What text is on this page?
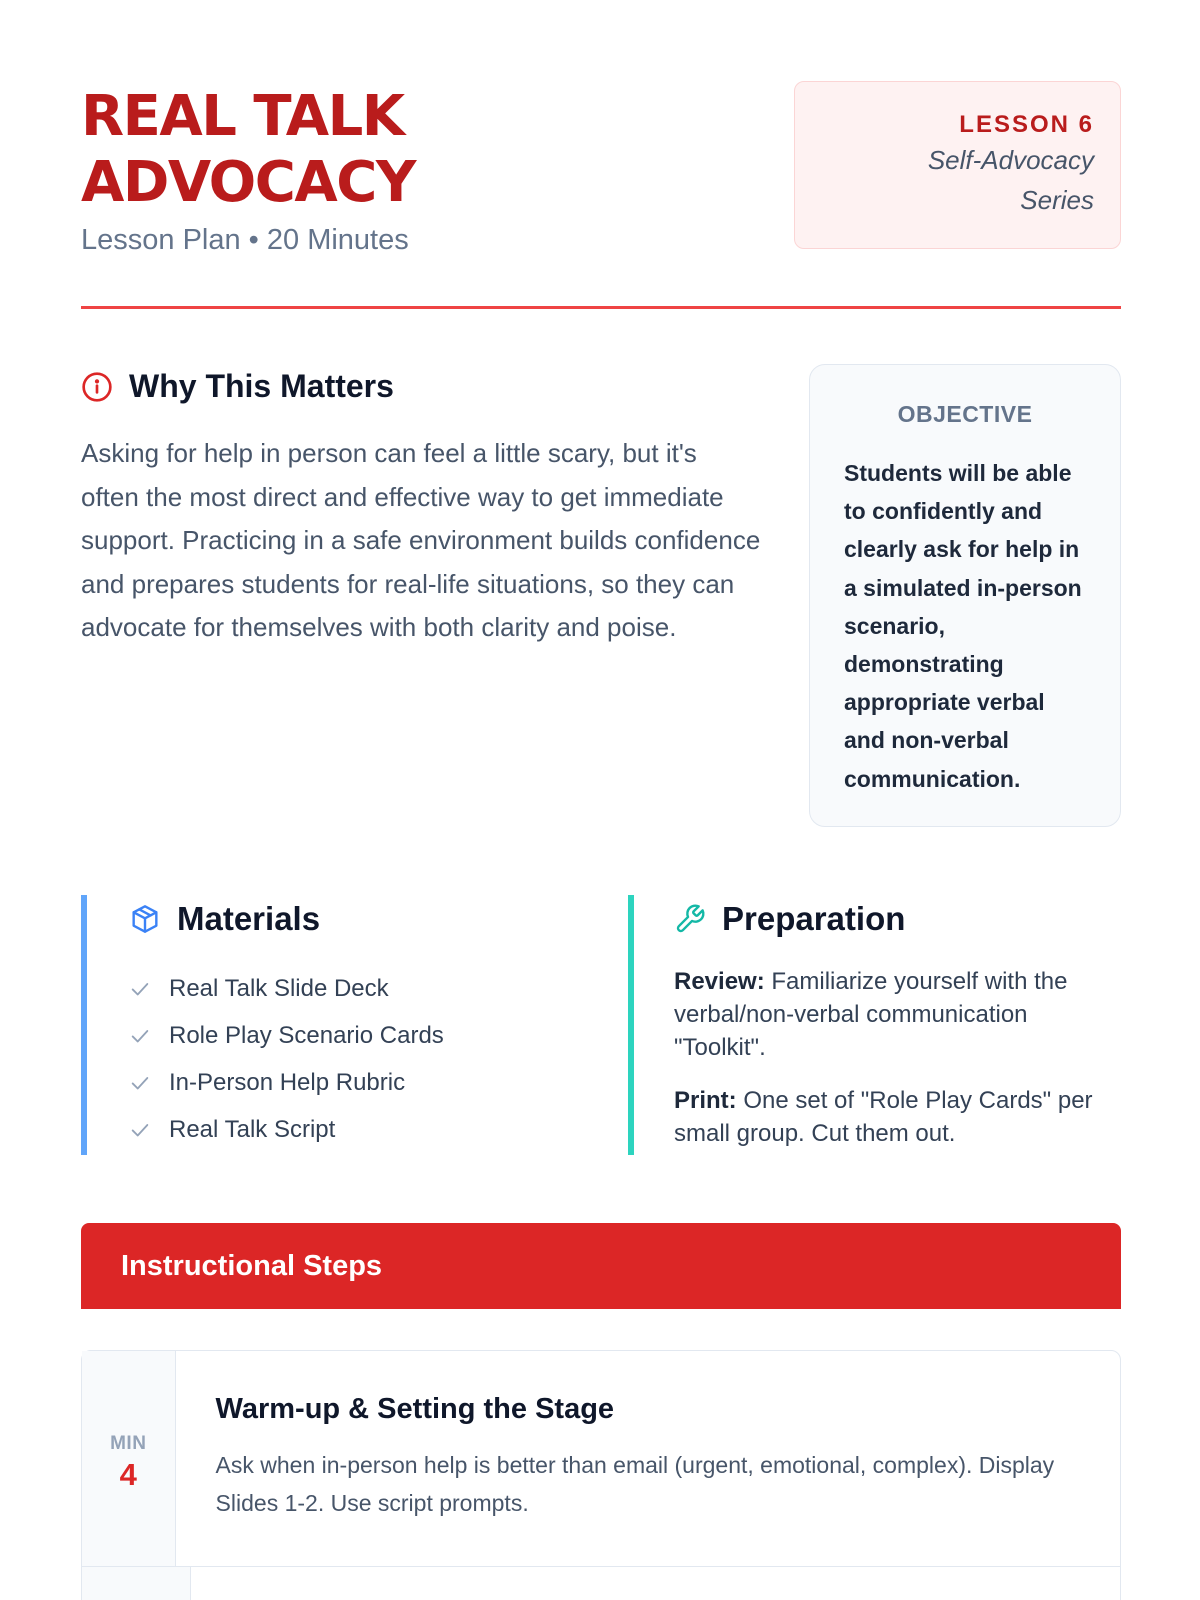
REAL TALK
ADVOCACY
Lesson Plan • 20 Minutes
LESSON 6
Self-Advocacy Series
Why This Matters

Asking for help in person can feel a little scary, but it's often the most direct and effective way to get immediate support. Practicing in a safe environment builds confidence and prepares students for real-life situations, so they can advocate for themselves with both clarity and poise.

OBJECTIVE
Students will be able to confidently and clearly ask for help in a simulated in-person scenario, demonstrating appropriate verbal and non-verbal communication.
Materials
Real Talk Slide Deck
Role Play Scenario Cards
In-Person Help Rubric
Real Talk Script
Preparation

Review: Familiarize yourself with the verbal/non-verbal communication "Toolkit".

Print: One set of "Role Play Cards" per small group. Cut them out.

Instructional Steps
MIN
4
Warm-up & Setting the Stage

Ask when in-person help is better than email (urgent, emotional, complex). Display Slides 1-2. Use script prompts.
